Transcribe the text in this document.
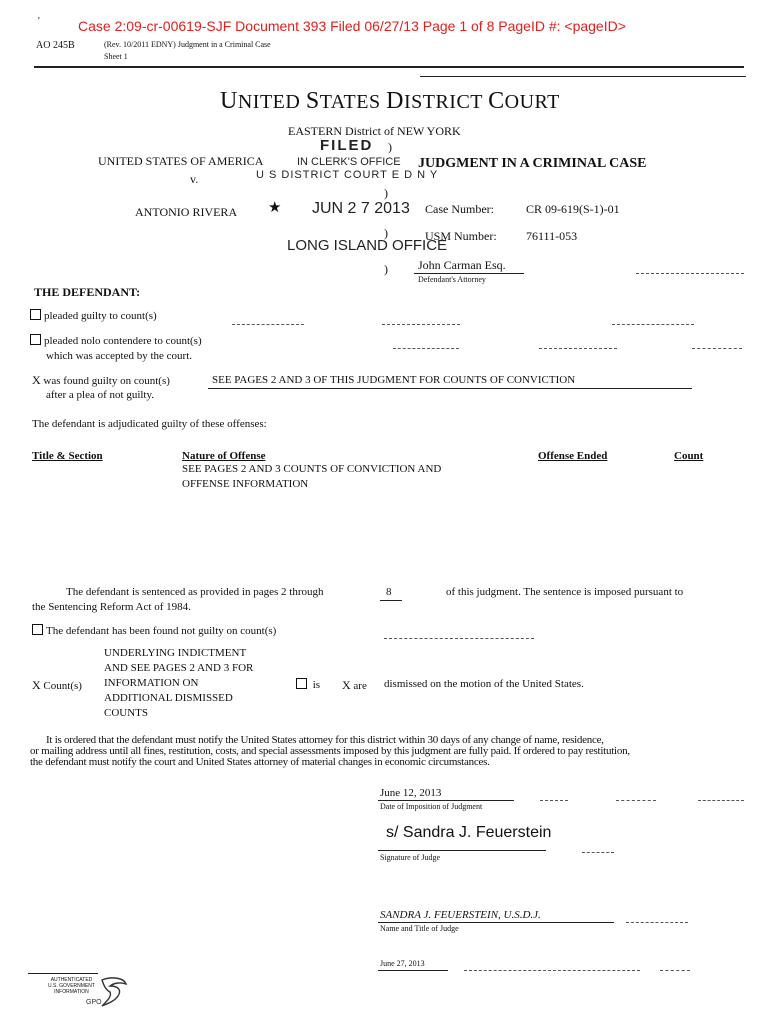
'	Case 2:09-cr-00619-SJF Document 393 Filed 06/27/13 Page 1 of 8 PageID #: <pageID>
AO 245B	(Rev. 10/2011 EDNY) Judgment in a Criminal Case
Sheet 1
UNITED STATES DISTRICT COURT
EASTERN District of NEW YORK
FILED
IN CLERK'S OFFICE
U S DISTRICT COURT E D N Y
★ JUN 2 7 2013
LONG ISLAND OFFICE
)
)
)
)
UNITED STATES OF AMERICA
v.
JUDGMENT IN A CRIMINAL CASE
ANTONIO RIVERA	Case Number:	CR 09-619(S-1)-01
USM Number: 76111-053
John Carman Esq.
Defendant's Attorney
THE DEFENDANT:
pleaded guilty to count(s)
pleaded nolo contendere to count(s)
which was accepted by the court.
X was found guilty on count(s)	SEE PAGES 2 AND 3 OF THIS JUDGMENT FOR COUNTS OF CONVICTION
after a plea of not guilty.
The defendant is adjudicated guilty of these offenses:
Title & Section	Nature of Offense	Offense Ended	Count
SEE PAGES 2 AND 3 COUNTS OF CONVICTION AND
OFFENSE INFORMATION
The defendant is sentenced as provided in pages 2 through	8	of this judgment. The sentence is imposed pursuant to
the Sentencing Reform Act of 1984.
The defendant has been found not guilty on count(s)
UNDERLYING INDICTMENT
AND SEE PAGES 2 AND 3 FOR
INFORMATION ON
ADDITIONAL DISMISSED
COUNTS
X Count(s)	is X are dismissed on the motion of the United States.
It is ordered that the defendant must notify the United States attorney for this district within 30 days of any change of name, residence,
or mailing address until all fines, restitution, costs, and special assessments imposed by this judgment are fully paid. If ordered to pay restitution,
the defendant must notify the court and United States attorney of material changes in economic circumstances.
June 12, 2013
Date of Imposition of Judgment
s/ Sandra J. Feuerstein
Signature of Judge
SANDRA J. FEUERSTEIN, U.S.D.J.
Name and Title of Judge
June 27, 2013
AUTHENTICATED
U.S. GOVERNMENT
INFORMATION
GPO
